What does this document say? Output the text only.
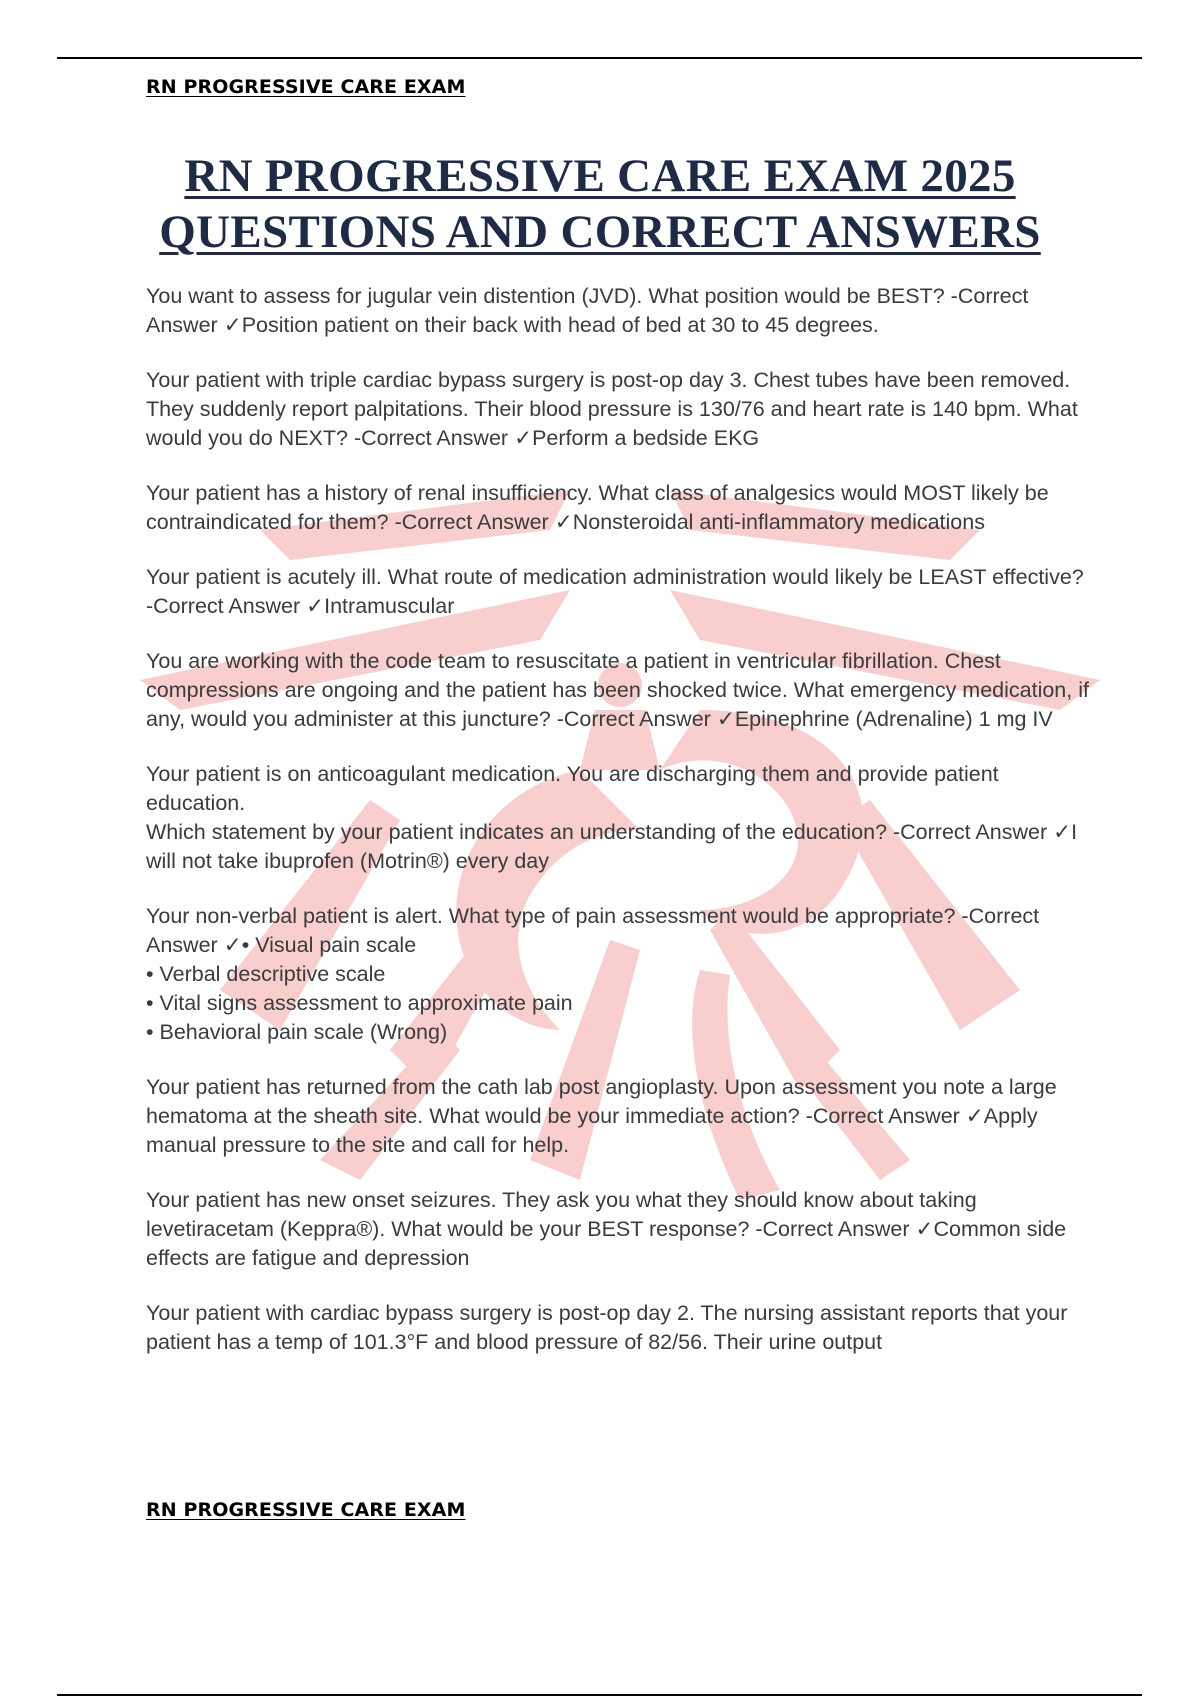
RN PROGRESSIVE CARE EXAM
RN PROGRESSIVE CARE EXAM 2025
QUESTIONS AND CORRECT ANSWERS
You want to assess for jugular vein distention (JVD). What position would be BEST? -Correct Answer ✓Position patient on their back with head of bed at 30 to 45 degrees.
Your patient with triple cardiac bypass surgery is post-op day 3. Chest tubes have been removed. They suddenly report palpitations. Their blood pressure is 130/76 and heart rate is 140 bpm. What would you do NEXT? -Correct Answer ✓Perform a bedside EKG
Your patient has a history of renal insufficiency. What class of analgesics would MOST likely be contraindicated for them? -Correct Answer ✓Nonsteroidal anti-inflammatory medications
Your patient is acutely ill. What route of medication administration would likely be LEAST effective? -Correct Answer ✓Intramuscular
You are working with the code team to resuscitate a patient in ventricular fibrillation. Chest compressions are ongoing and the patient has been shocked twice. What emergency medication, if any, would you administer at this juncture? -Correct Answer ✓Epinephrine (Adrenaline) 1 mg IV

Your patient is on anticoagulant medication. You are discharging them and provide patient education.

Which statement by your patient indicates an understanding of the education? -Correct Answer ✓I will not take ibuprofen (Motrin®) every day
Your non-verbal patient is alert. What type of pain assessment would be appropriate? -Correct Answer ✓• Visual pain scale

• Verbal descriptive scale

• Vital signs assessment to approximate pain

• Behavioral pain scale (Wrong)

Your patient has returned from the cath lab post angioplasty. Upon assessment you note a large hematoma at the sheath site. What would be your immediate action? -Correct Answer ✓Apply manual pressure to the site and call for help.
Your patient has new onset seizures. They ask you what they should know about taking levetiracetam (Keppra®). What would be your BEST response? -Correct Answer ✓Common side effects are fatigue and depression
Your patient with cardiac bypass surgery is post-op day 2. The nursing assistant reports that your patient has a temp of 101.3°F and blood pressure of 82/56. Their urine output
RN PROGRESSIVE CARE EXAM
